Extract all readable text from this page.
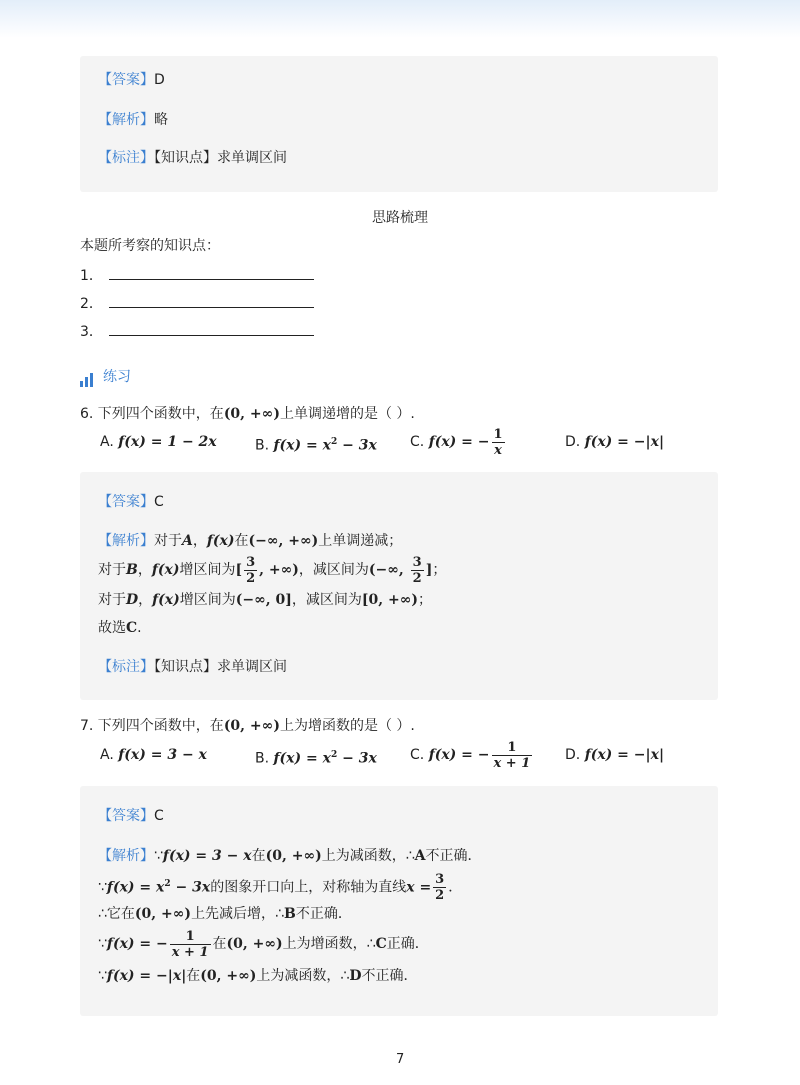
【答案】D
【解析】略
【标注】【知识点】求单调区间
思路梳理
本题所考察的知识点：
1．
2．
3．
练习
6. 下列四个函数中，在(0, +∞)上单调递增的是（ ）.
A. f(x) = 1 − 2x	B. $f(x) = x^2 - 3x$ C. f(x) = − $\frac{1}{x}$	D. f(x) = −|x|
【答案】C
【解析】对于A，f(x)在(−∞, +∞)上单调递减；
对于B，f(x)增区间为[ $\frac{3}{2}$ , +∞)，减区间为(−∞, $\frac{3}{2}$ ]；
对于D，f(x)增区间为(−∞, 0]，减区间为[0, +∞)；
故选C.
【标注】【知识点】求单调区间
7. 下列四个函数中，在(0, +∞)上为增函数的是（ ）.
A. f(x) = 3 − x	B. $f(x) = x^2 - 3x$ C. f(x) = − $\frac{1}{x + 1} D$. f(x) = −|x|
【答案】C
【解析】∵f(x) = 3 − x在(0, +∞)上为减函数，∴A不正确．
∵f(x) = $x^2 - 3x$的图象开口向上，对称轴为直线$x = \frac{3}{2}$ ．
∴它在(0, +∞)上先减后增，∴B不正确．
∵f(x) = − $\frac{1}{x + 1}$ 在(0, +∞)上为增函数，∴C正确．
∵f(x) = −|x|在(0, +∞)上为减函数，∴D不正确．
7
